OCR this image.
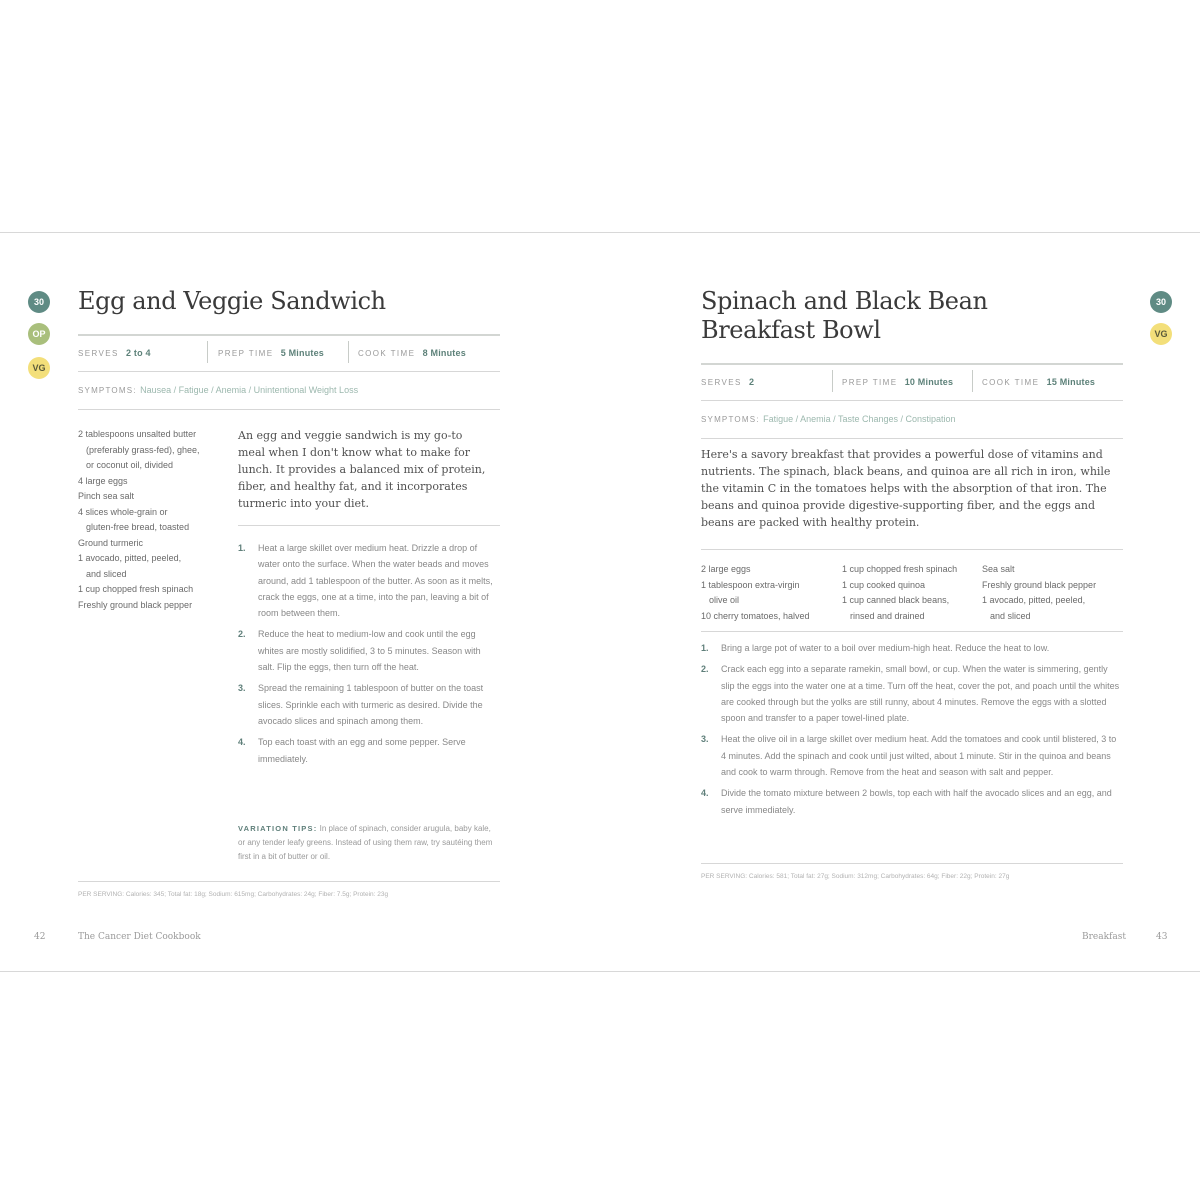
30
OP
VG
Egg and Veggie Sandwich
SERVES 2 to 4	PREP TIME 5 Minutes	COOK TIME 8 Minutes
SYMPTOMS: Nausea / Fatigue / Anemia / Unintentional Weight Loss
2 tablespoons unsalted butter
(preferably grass-fed), ghee,
or coconut oil, divided
4 large eggs
Pinch sea salt
4 slices whole-grain or
gluten-free bread, toasted
Ground turmeric
1 avocado, pitted, peeled,
and sliced
1 cup chopped fresh spinach
Freshly ground black pepper
An egg and veggie sandwich is my go-to meal when I don't know what to make for lunch. It provides a balanced mix of protein, fiber, and healthy fat, and it incorporates turmeric into your diet.
1. Heat a large skillet over medium heat. Drizzle a drop of water onto the surface. When the water beads and moves around, add 1 tablespoon of the butter. As soon as it melts, crack the eggs, one at a time, into the pan, leaving a bit of room between them.
2. Reduce the heat to medium-low and cook until the egg whites are mostly solidified, 3 to 5 minutes. Season with salt. Flip the eggs, then turn off the heat.
3. Spread the remaining 1 tablespoon of butter on the toast slices. Sprinkle each with turmeric as desired. Divide the avocado slices and spinach among them.
4. Top each toast with an egg and some pepper. Serve immediately.
VARIATION TIPS: In place of spinach, consider arugula, baby kale, or any tender leafy greens. Instead of using them raw, try sautéing them first in a bit of butter or oil.
PER SERVING: Calories: 345; Total fat: 18g; Sodium: 615mg; Carbohydrates: 24g; Fiber: 7.5g; Protein: 23g
42	The Cancer Diet Cookbook
30
VG
Spinach and Black Bean
Breakfast Bowl
SERVES 2	PREP TIME 10 Minutes	COOK TIME 15 Minutes
SYMPTOMS: Fatigue / Anemia / Taste Changes / Constipation
Here's a savory breakfast that provides a powerful dose of vitamins and nutrients. The spinach, black beans, and quinoa are all rich in iron, while the vitamin C in the tomatoes helps with the absorption of that iron. The beans and quinoa provide digestive-supporting fiber, and the eggs and beans are packed with healthy protein.
2 large eggs
1 tablespoon extra-virgin
olive oil
10 cherry tomatoes, halved
1 cup chopped fresh spinach
1 cup cooked quinoa
1 cup canned black beans,
rinsed and drained
Sea salt
Freshly ground black pepper
1 avocado, pitted, peeled,
and sliced
1. Bring a large pot of water to a boil over medium-high heat. Reduce the heat to low.
2. Crack each egg into a separate ramekin, small bowl, or cup. When the water is simmering, gently slip the eggs into the water one at a time. Turn off the heat, cover the pot, and poach until the whites are cooked through but the yolks are still runny, about 4 minutes. Remove the eggs with a slotted spoon and transfer to a paper towel-lined plate.
3. Heat the olive oil in a large skillet over medium heat. Add the tomatoes and cook until blistered, 3 to 4 minutes. Add the spinach and cook until just wilted, about 1 minute. Stir in the quinoa and beans and cook to warm through. Remove from the heat and season with salt and pepper.
4. Divide the tomato mixture between 2 bowls, top each with half the avocado slices and an egg, and serve immediately.
PER SERVING: Calories: 581; Total fat: 27g; Sodium: 312mg; Carbohydrates: 64g; Fiber: 22g; Protein: 27g
Breakfast	43
